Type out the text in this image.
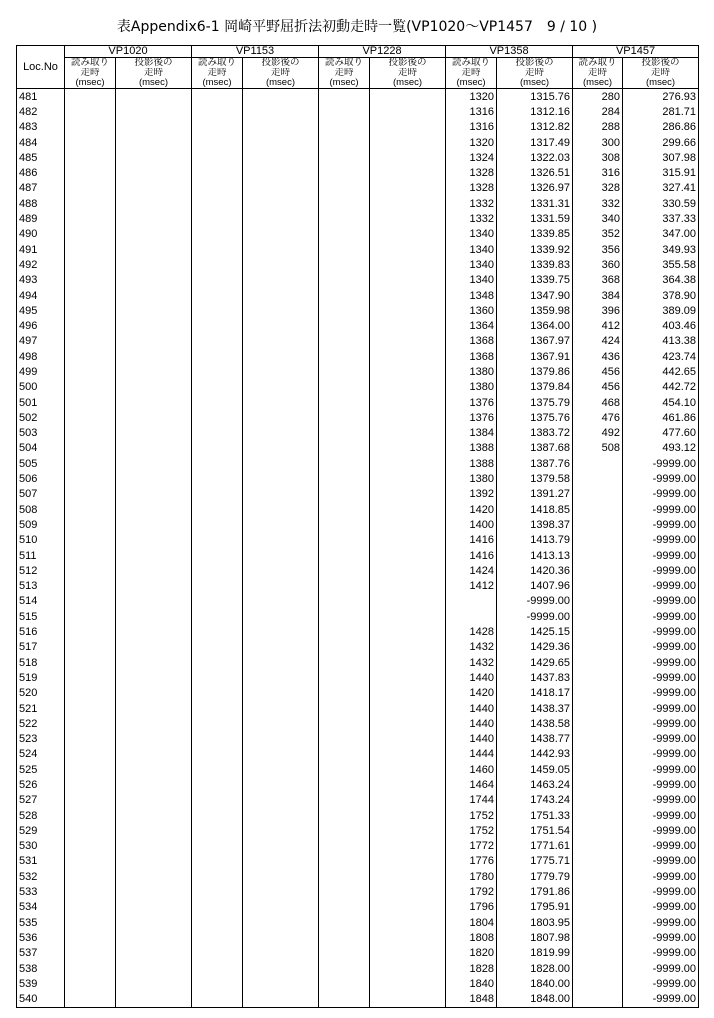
表Appendix6-1 岡崎平野屈折法初動走時一覧(VP1020～VP1457　9 / 10 )
Loc.No	VP1020		VP1153		VP1228		VP1358		VP1457	
	読み取り	投影後の	読み取り	投影後の	読み取り	投影後の	読み取り	投影後の	読み取り	投影後の
	走時	走時	走時	走時	走時	走時	走時	走時	走時	走時
	(msec)	(msec)	(msec)	(msec)	(msec)	(msec)	(msec)	(msec)	(msec)	(msec)
481							1320	1315.76	280	276.93
482							1316	1312.16	284	281.71
483							1316	1312.82	288	286.86
484							1320	1317.49	300	299.66
485							1324	1322.03	308	307.98
486							1328	1326.51	316	315.91
487							1328	1326.97	328	327.41
488							1332	1331.31	332	330.59
489							1332	1331.59	340	337.33
490							1340	1339.85	352	347.00
491							1340	1339.92	356	349.93
492							1340	1339.83	360	355.58
493							1340	1339.75	368	364.38
494							1348	1347.90	384	378.90
495							1360	1359.98	396	389.09
496							1364	1364.00	412	403.46
497							1368	1367.97	424	413.38
498							1368	1367.91	436	423.74
499							1380	1379.86	456	442.65
500							1380	1379.84	456	442.72
501							1376	1375.79	468	454.10
502							1376	1375.76	476	461.86
503							1384	1383.72	492	477.60
504							1388	1387.68	508	493.12
505							1388	1387.76		-9999.00
506							1380	1379.58		-9999.00
507							1392	1391.27		-9999.00
508							1420	1418.85		-9999.00
509							1400	1398.37		-9999.00
510							1416	1413.79		-9999.00
511							1416	1413.13		-9999.00
512							1424	1420.36		-9999.00
513							1412	1407.96		-9999.00
514								-9999.00		-9999.00
515								-9999.00		-9999.00
516							1428	1425.15		-9999.00
517							1432	1429.36		-9999.00
518							1432	1429.65		-9999.00
519							1440	1437.83		-9999.00
520							1420	1418.17		-9999.00
521							1440	1438.37		-9999.00
522							1440	1438.58		-9999.00
523							1440	1438.77		-9999.00
524							1444	1442.93		-9999.00
525							1460	1459.05		-9999.00
526							1464	1463.24		-9999.00
527							1744	1743.24		-9999.00
528							1752	1751.33		-9999.00
529							1752	1751.54		-9999.00
530							1772	1771.61		-9999.00
531							1776	1775.71		-9999.00
532							1780	1779.79		-9999.00
533							1792	1791.86		-9999.00
534							1796	1795.91		-9999.00
535							1804	1803.95		-9999.00
536							1808	1807.98		-9999.00
537							1820	1819.99		-9999.00
538							1828	1828.00		-9999.00
539							1840	1840.00		-9999.00
540							1848	1848.00		-9999.00
